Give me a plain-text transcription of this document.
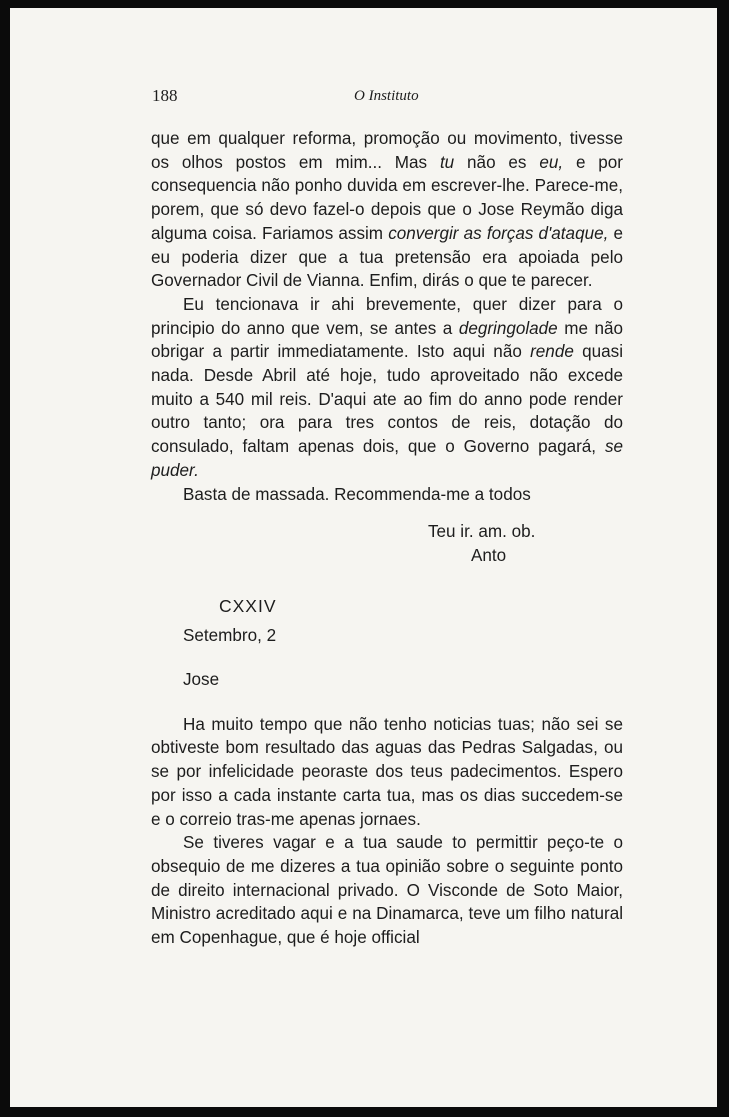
188	O Instituto

que em qualquer reforma, promoção ou movimento, tivesse os olhos postos em mim... Mas tu não es eu, e por consequencia não ponho duvida em escrever-lhe. Parece-me, porem, que só devo fazel-o depois que o Jose Reymão diga alguma coisa. Fariamos assim convergir as forças d'ataque, e eu poderia dizer que a tua pretensão era apoiada pelo Governador Civil de Vianna. Enfim, dirás o que te parecer.

Eu tencionava ir ahi brevemente, quer dizer para o principio do anno que vem, se antes a degringolade me não obrigar a partir immediatamente. Isto aqui não rende quasi nada. Desde Abril até hoje, tudo aproveitado não excede muito a 540 mil reis. D'aqui ate ao fim do anno pode render outro tanto; ora para tres contos de reis, dotação do consulado, faltam apenas dois, que o Governo pagará, se puder.

Basta de massada. Recommenda-me a todos

Teu ir. am. ob.

Anto

CXXIV

Setembro, 2

Jose

Ha muito tempo que não tenho noticias tuas; não sei se obtiveste bom resultado das aguas das Pedras Salgadas, ou se por infelicidade peoraste dos teus padecimentos. Espero por isso a cada instante carta tua, mas os dias succedem-se e o correio tras-me apenas jornaes.

Se tiveres vagar e a tua saude to permittir peço-te o obsequio de me dizeres a tua opinião sobre o seguinte ponto de direito internacional privado. O Visconde de Soto Maior, Ministro acreditado aqui e na Dinamarca, teve um filho natural em Copenhague, que é hoje official
